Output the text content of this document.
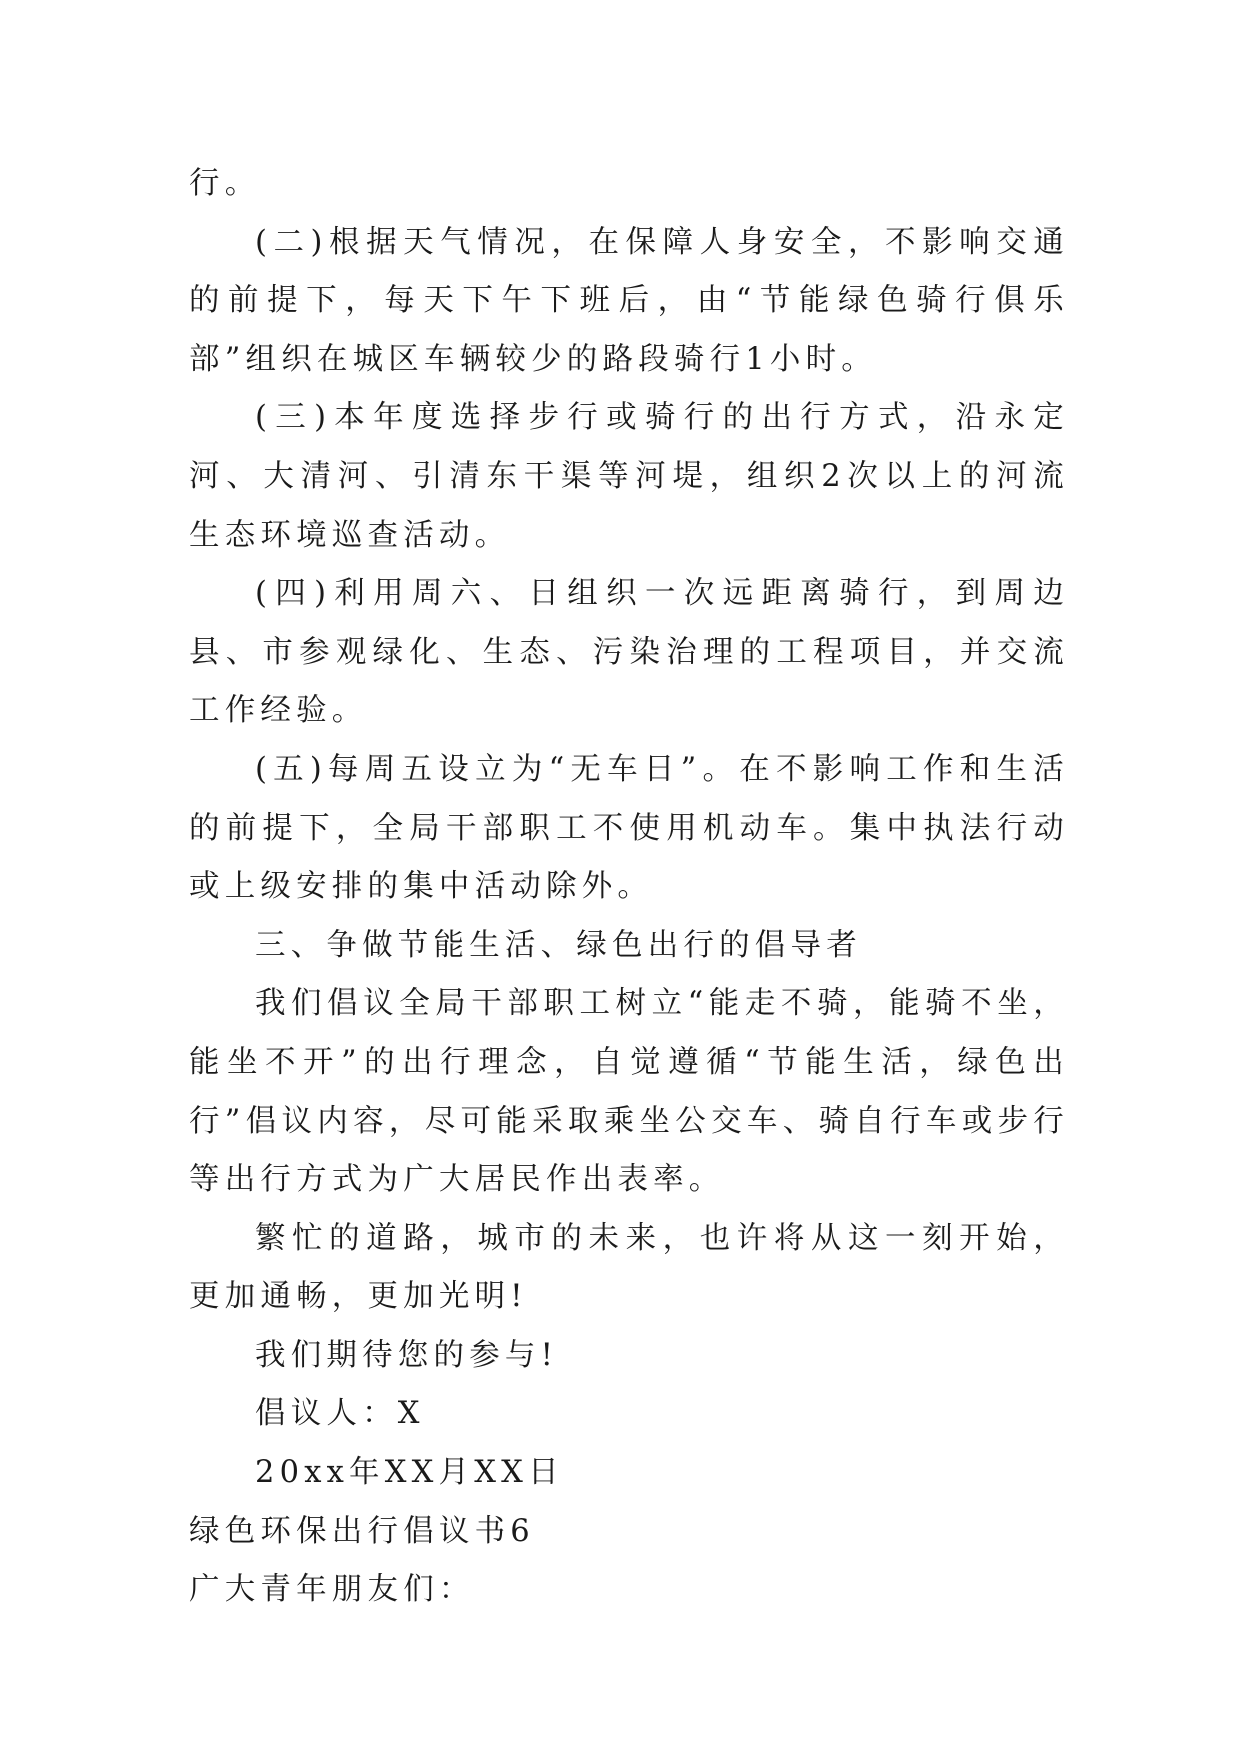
行。

(二)根据天气情况，在保障人身安全，不影响交通的前提下，每天下午下班后，由“节能绿色骑行俱乐部”组织在城区车辆较少的路段骑行1小时。

(三)本年度选择步行或骑行的出行方式，沿永定河、大清河、引清东干渠等河堤，组织2次以上的河流生态环境巡查活动。

(四)利用周六、日组织一次远距离骑行，到周边县、市参观绿化、生态、污染治理的工程项目，并交流工作经验。

(五)每周五设立为“无车日”。在不影响工作和生活的前提下，全局干部职工不使用机动车。集中执法行动或上级安排的集中活动除外。

三、争做节能生活、绿色出行的倡导者

我们倡议全局干部职工树立“能走不骑，能骑不坐，能坐不开”的出行理念，自觉遵循“节能生活，绿色出行”倡议内容，尽可能采取乘坐公交车、骑自行车或步行等出行方式为广大居民作出表率。

繁忙的道路，城市的未来，也许将从这一刻开始，更加通畅，更加光明!

我们期待您的参与!

倡议人：X

20xx年XX月XX日

绿色环保出行倡议书6

广大青年朋友们：
